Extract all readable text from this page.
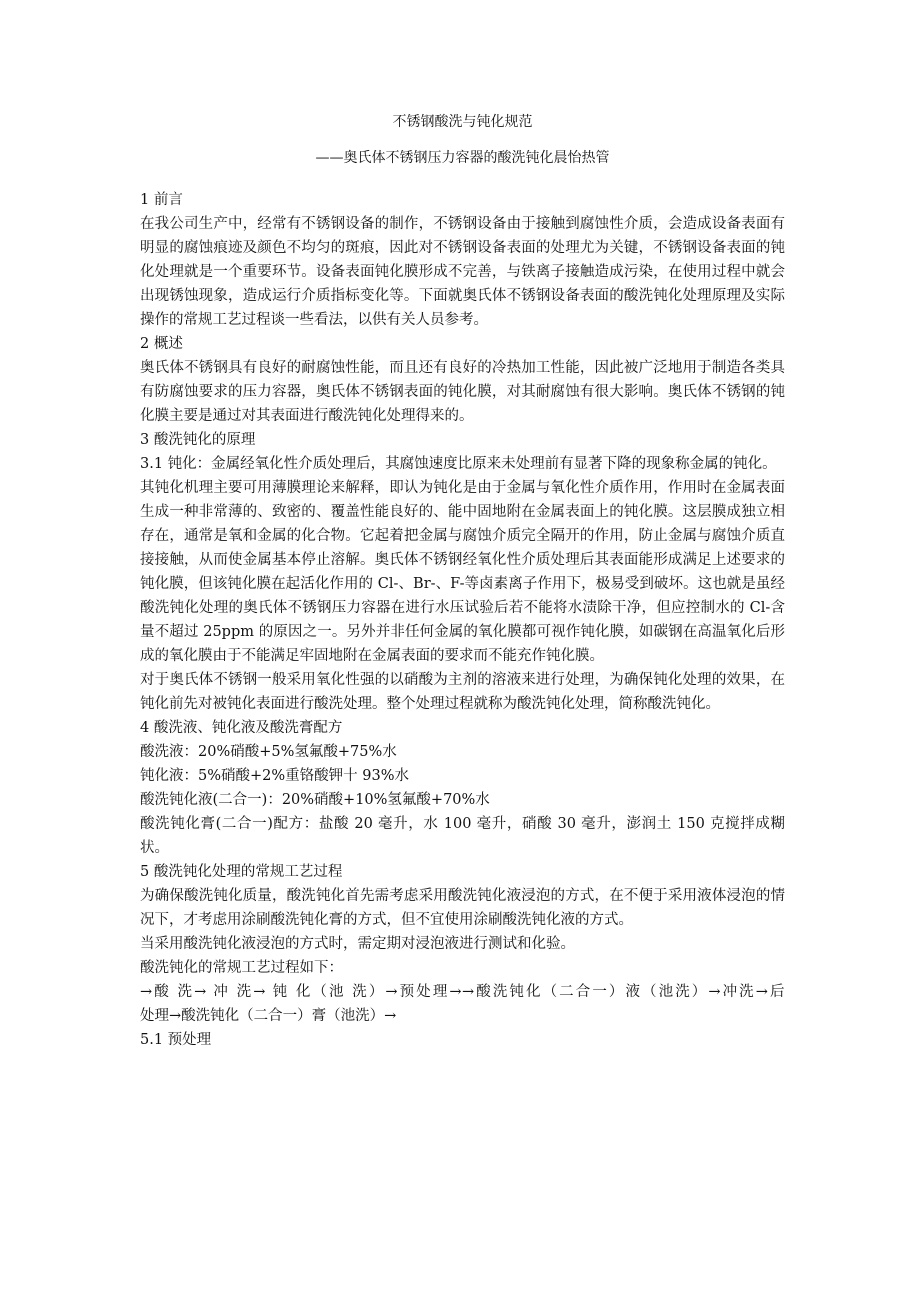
不锈钢酸洗与钝化规范

——奥氏体不锈钢压力容器的酸洗钝化晨怡热管

1 前言

在我公司生产中，经常有不锈钢设备的制作，不锈钢设备由于接触到腐蚀性介质，会造成设备表面有明显的腐蚀痕迹及颜色不均匀的斑痕，因此对不锈钢设备表面的处理尤为关键，不锈钢设备表面的钝化处理就是一个重要环节。设备表面钝化膜形成不完善，与铁离子接触造成污染，在使用过程中就会出现锈蚀现象，造成运行介质指标变化等。下面就奥氏体不锈钢设备表面的酸洗钝化处理原理及实际操作的常规工艺过程谈一些看法，以供有关人员参考。

2 概述

奥氏体不锈钢具有良好的耐腐蚀性能，而且还有良好的冷热加工性能，因此被广泛地用于制造各类具有防腐蚀要求的压力容器，奥氏体不锈钢表面的钝化膜，对其耐腐蚀有很大影响。奥氏体不锈钢的钝化膜主要是通过对其表面进行酸洗钝化处理得来的。

3 酸洗钝化的原理

3.1 钝化：金属经氧化性介质处理后，其腐蚀速度比原来未处理前有显著下降的现象称金属的钝化。

其钝化机理主要可用薄膜理论来解释，即认为钝化是由于金属与氧化性介质作用，作用时在金属表面生成一种非常薄的、致密的、覆盖性能良好的、能中固地附在金属表面上的钝化膜。这层膜成独立相存在，通常是氧和金属的化合物。它起着把金属与腐蚀介质完全隔开的作用，防止金属与腐蚀介质直接接触，从而使金属基本停止溶解。奥氏体不锈钢经氧化性介质处理后其表面能形成满足上述要求的钝化膜，但该钝化膜在起活化作用的 Cl-、Br-、F-等卤素离子作用下，极易受到破坏。这也就是虽经酸洗钝化处理的奥氏体不锈钢压力容器在进行水压试验后若不能将水渍除干净，但应控制水的 Cl-含量不超过 25ppm 的原因之一。另外并非任何金属的氧化膜都可视作钝化膜，如碳钢在高温氧化后形成的氧化膜由于不能满足牢固地附在金属表面的要求而不能充作钝化膜。

对于奥氏体不锈钢一般采用氧化性强的以硝酸为主剂的溶液来进行处理，为确保钝化处理的效果，在钝化前先对被钝化表面进行酸洗处理。整个处理过程就称为酸洗钝化处理，简称酸洗钝化。

4 酸洗液、钝化液及酸洗膏配方

酸洗液：20%硝酸+5%氢氟酸+75%水

钝化液：5%硝酸+2%重铬酸钾十 93%水

酸洗钝化液(二合一)：20%硝酸+10%氢氟酸+70%水

酸洗钝化膏(二合一)配方：盐酸 20 毫升，水 100 毫升，硝酸 30 毫升，澎润土 150 克搅拌成糊状。

5 酸洗钝化处理的常规工艺过程

为确保酸洗钝化质量，酸洗钝化首先需考虑采用酸洗钝化液浸泡的方式，在不便于采用液体浸泡的情况下，才考虑用涂刷酸洗钝化膏的方式，但不宜使用涂刷酸洗钝化液的方式。

当采用酸洗钝化液浸泡的方式时，需定期对浸泡液进行测试和化验。

酸洗钝化的常规工艺过程如下：

→酸 洗→ 冲 洗→ 钝 化（池 洗）→预处理→→酸洗钝化（二合一）液（池洗）→冲洗→后

处理→酸洗钝化（二合一）膏（池洗）→

5.1 预处理
